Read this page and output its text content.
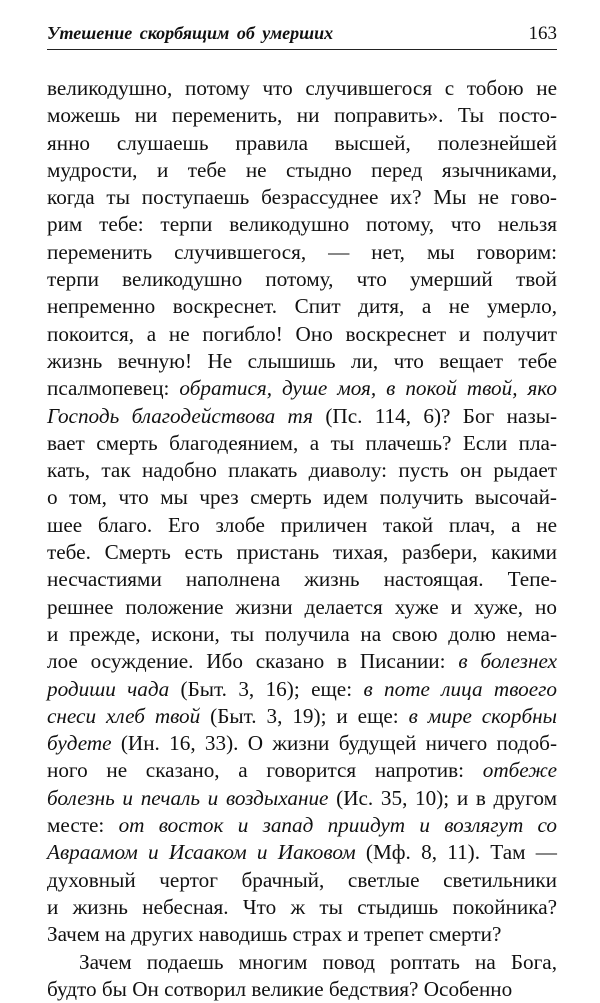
Утешение скорбящим об умерших	163
великодушно, потому что случившегося с тобою не
можешь ни переменить, ни поправить». Ты посто-
янно слушаешь правила высшей, полезнейшей
мудрости, и тебе не стыдно перед язычниками,
когда ты поступаешь безрассуднее их? Мы не гово-
рим тебе: терпи великодушно потому, что нельзя
переменить случившегося, — нет, мы говорим:
терпи великодушно потому, что умерший твой
непременно воскреснет. Спит дитя, а не умерло,
покоится, а не погибло! Оно воскреснет и получит
жизнь вечную! Не слышишь ли, что вещает тебе
псалмопевец: обратися, душе моя, в покой твой, яко
Господь благодействова тя (Пс. 114, 6)? Бог назы-
вает смерть благодеянием, а ты плачешь? Если пла-
кать, так надобно плакать диаволу: пусть он рыдает
о том, что мы чрез смерть идем получить высочай-
шее благо. Его злобе приличен такой плач, а не
тебе. Смерть есть пристань тихая, разбери, какими
несчастиями наполнена жизнь настоящая. Тепе-
решнее положение жизни делается хуже и хуже, но
и прежде, искони, ты получила на свою долю нема-
лое осуждение. Ибо сказано в Писании: в болезнех
родиши чада (Быт. 3, 16); еще: в поте лица твоего
снеси хлеб твой (Быт. 3, 19); и еще: в мире скорбны
будете (Ин. 16, 33). О жизни будущей ничего подоб-
ного не сказано, а говорится напротив: отбеже
болезнь и печаль и воздыхание (Ис. 35, 10); и в другом
месте: от восток и запад приидут и возлягут со
Авраамом и Исааком и Иаковом (Мф. 8, 11). Там —
духовный чертог брачный, светлые светильники
и жизнь небесная. Что ж ты стыдишь покойника?
Зачем на других наводишь страх и трепет смерти?
Зачем подаешь многим повод роптать на Бога,
будто бы Он сотворил великие бедствия? Особенно
